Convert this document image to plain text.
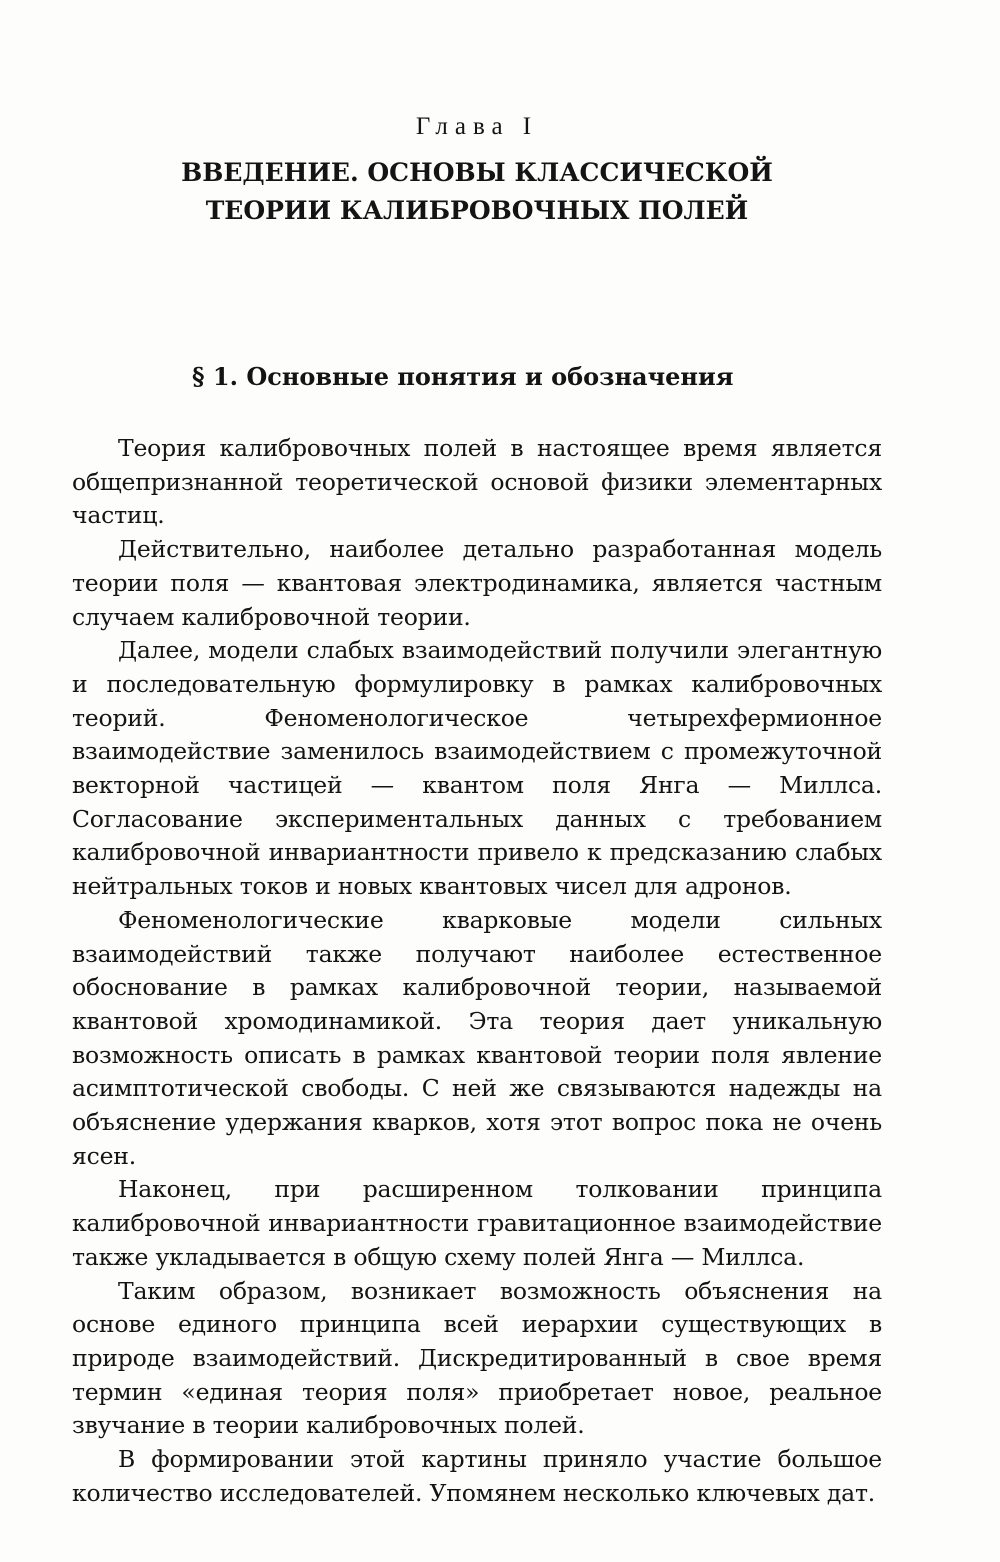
Глава I
ВВЕДЕНИЕ. ОСНОВЫ КЛАССИЧЕСКОЙ
ТЕОРИИ КАЛИБРОВОЧНЫХ ПОЛЕЙ
§ 1. Основные понятия и обозначения

Теория калибровочных полей в настоящее время является общепризнанной теоретической основой физики элементарных частиц.

Действительно, наиболее детально разработанная модель теории поля — квантовая электродинамика, является частным случаем калибровочной теории.

Далее, модели слабых взаимодействий получили элегантную и последовательную формулировку в рамках калибровочных теорий. Феноменологическое четырехфермионное взаимодействие заменилось взаимодействием с промежуточной векторной частицей — квантом поля Янга — Миллса. Согласование экспериментальных данных с требованием калибровочной инвариантности привело к предсказанию слабых нейтральных токов и новых квантовых чисел для адронов.

Феноменологические кварковые модели сильных взаимодействий также получают наиболее естественное обоснование в рамках калибровочной теории, называемой квантовой хромодинамикой. Эта теория дает уникальную возможность описать в рамках квантовой теории поля явление асимптотической свободы. С ней же связываются надежды на объяснение удержания кварков, хотя этот вопрос пока не очень ясен.

Наконец, при расширенном толковании принципа калибровочной инвариантности гравитационное взаимодействие также укладывается в общую схему полей Янга — Миллса.

Таким образом, возникает возможность объяснения на основе единого принципа всей иерархии существующих в природе взаимодействий. Дискредитированный в свое время термин «единая теория поля» приобретает новое, реальное звучание в теории калибровочных полей.

В формировании этой картины приняло участие большое количество исследователей. Упомянем несколько ключевых дат.
